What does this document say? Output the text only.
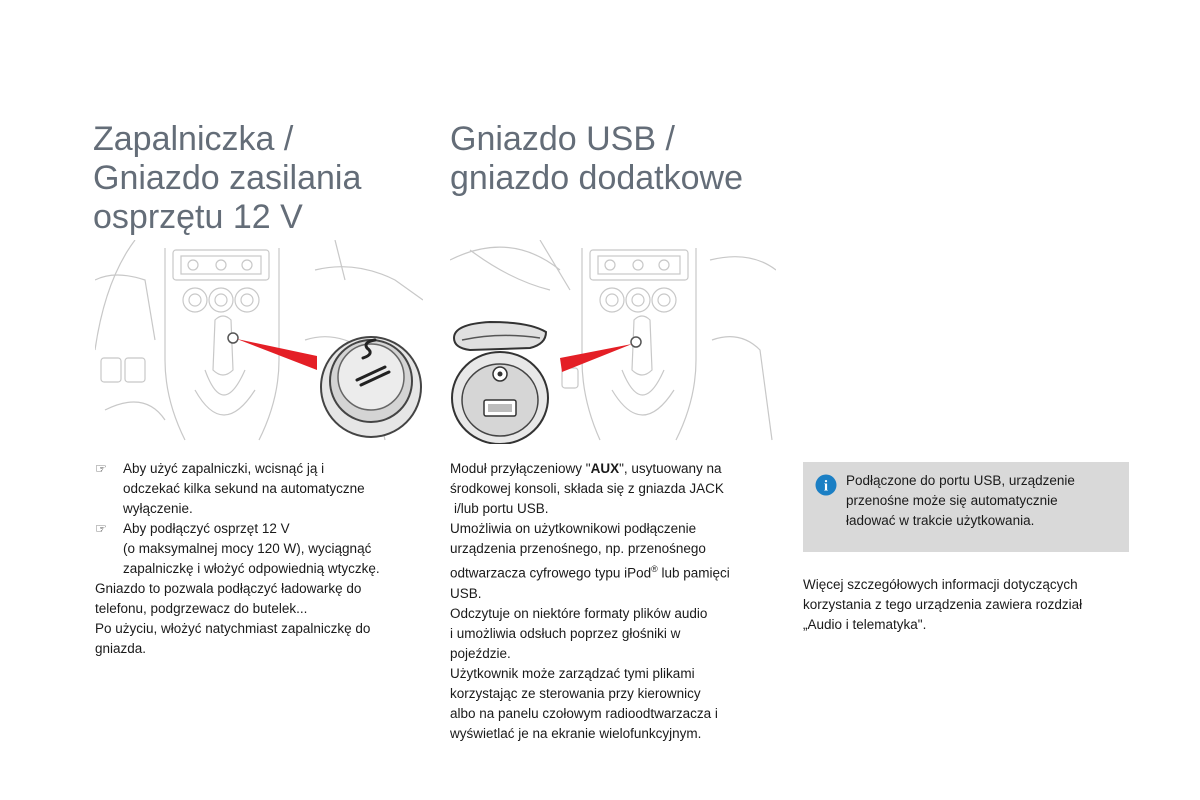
Zapalniczka /
Gniazdo zasilania
osprzętu 12 V
☞ Aby użyć zapalniczki, wcisnąć ją i
odczekać kilka sekund na automatyczne
wyłączenie.
☞ Aby podłączyć osprzęt 12 V
(o maksymalnej mocy 120 W), wyciągnąć
zapalniczkę i włożyć odpowiednią wtyczkę.
Gniazdo to pozwala podłączyć ładowarkę do
telefonu, podgrzewacz do butelek...
Po użyciu, włożyć natychmiast zapalniczkę do
gniazda.
Gniazdo USB /
gniazdo dodatkowe
Moduł przyłączeniowy "AUX", usytuowany na
środkowej konsoli, składa się z gniazda JACK
i/lub portu USB.
Umożliwia on użytkownikowi podłączenie
urządzenia przenośnego, np. przenośnego
odtwarzacza cyfrowego typu iPod® lub pamięci
USB.
Odczytuje on niektóre formaty plików audio
i umożliwia odsłuch poprzez głośniki w
pojeździe.
Użytkownik może zarządzać tymi plikami
korzystając ze sterowania przy kierownicy
albo na panelu czołowym radioodtwarzacza i
wyświetlać je na ekranie wielofunkcyjnym.
i Podłączone do portu USB, urządzenie
przenośne może się automatycznie
ładować w trakcie użytkowania.
Więcej szczegółowych informacji dotyczących
korzystania z tego urządzenia zawiera rozdział
„Audio i telematyka".
